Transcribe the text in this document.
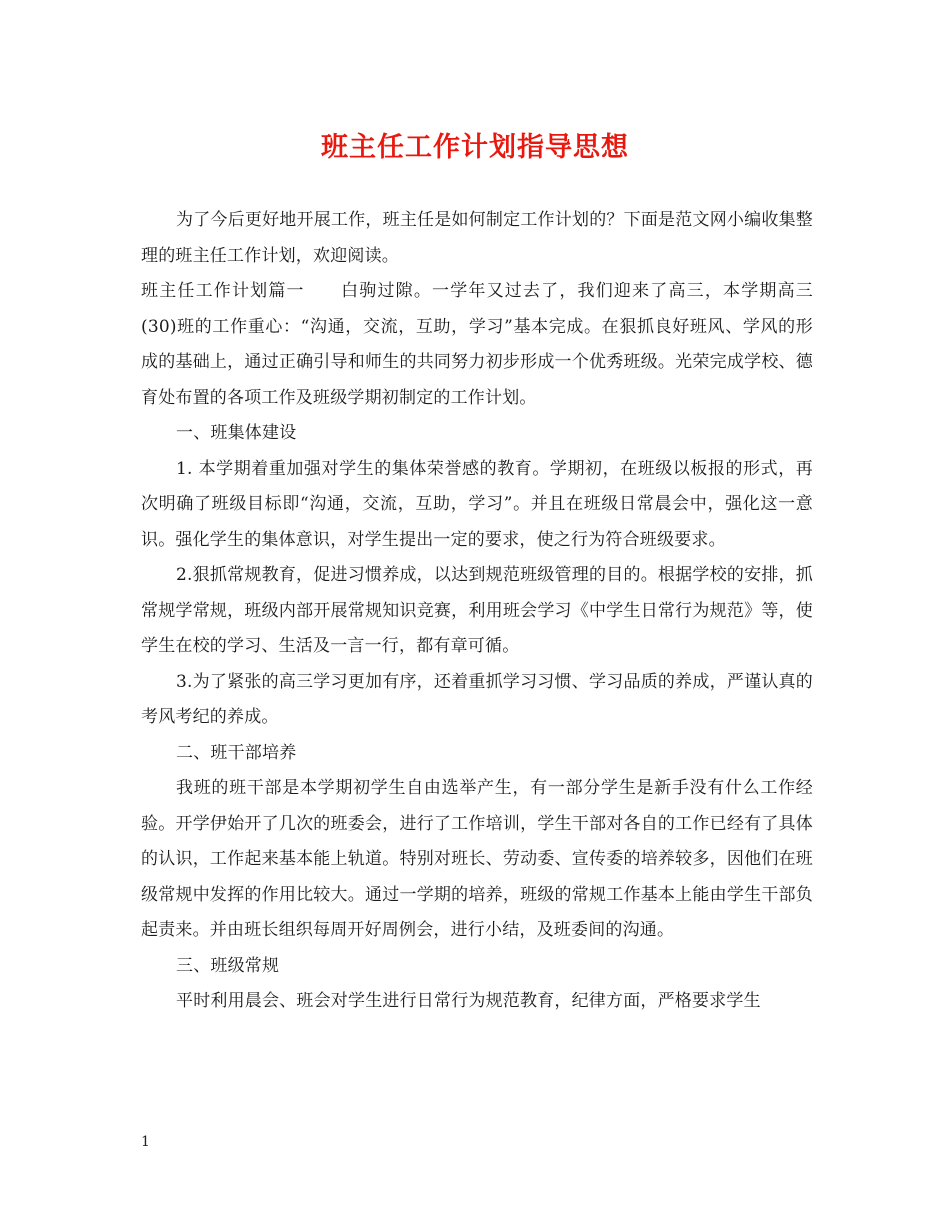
班主任工作计划指导思想

为了今后更好地开展工作，班主任是如何制定工作计划的？下面是范文网小编收集整理的班主任工作计划，欢迎阅读。

班主任工作计划篇一　　白驹过隙。一学年又过去了，我们迎来了高三，本学期高三(30)班的工作重心：“沟通，交流，互助，学习”基本完成。在狠抓良好班风、学风的形成的基础上，通过正确引导和师生的共同努力初步形成一个优秀班级。光荣完成学校、德育处布置的各项工作及班级学期初制定的工作计划。

一、班集体建设

1. 本学期着重加强对学生的集体荣誉感的教育。学期初，在班级以板报的形式，再次明确了班级目标即“沟通，交流，互助，学习”。并且在班级日常晨会中，强化这一意识。强化学生的集体意识，对学生提出一定的要求，使之行为符合班级要求。

2.狠抓常规教育，促进习惯养成，以达到规范班级管理的目的。根据学校的安排，抓常规学常规，班级内部开展常规知识竞赛，利用班会学习《中学生日常行为规范》等，使学生在校的学习、生活及一言一行，都有章可循。

3.为了紧张的高三学习更加有序，还着重抓学习习惯、学习品质的养成，严谨认真的考风考纪的养成。

二、班干部培养

我班的班干部是本学期初学生自由选举产生，有一部分学生是新手没有什么工作经验。开学伊始开了几次的班委会，进行了工作培训，学生干部对各自的工作已经有了具体的认识，工作起来基本能上轨道。特别对班长、劳动委、宣传委的培养较多，因他们在班级常规中发挥的作用比较大。通过一学期的培养，班级的常规工作基本上能由学生干部负起责来。并由班长组织每周开好周例会，进行小结，及班委间的沟通。

三、班级常规

平时利用晨会、班会对学生进行日常行为规范教育，纪律方面，严格要求学生

1
